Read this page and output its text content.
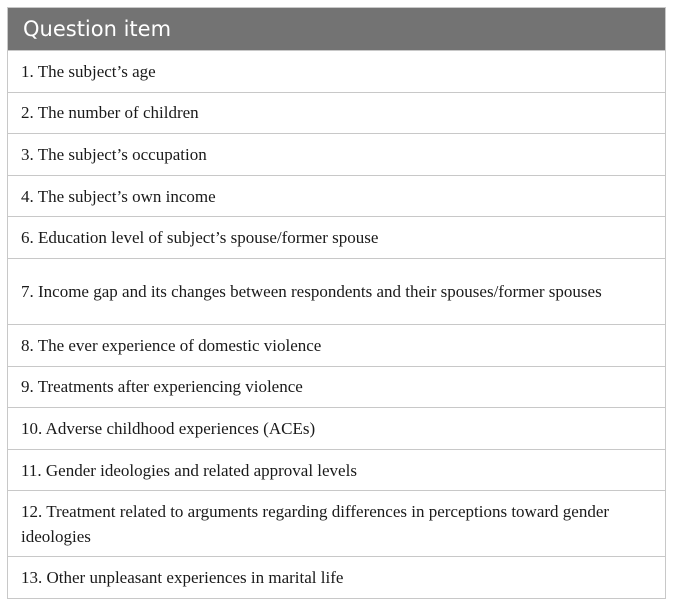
Question item
1. The subject’s age
2. The number of children
3. The subject’s occupation
4. The subject’s own income
6. Education level of subject’s spouse/former spouse
7. Income gap and its changes between respondents and their spouses/former spouses
8. The ever experience of domestic violence
9. Treatments after experiencing violence
10. Adverse childhood experiences (ACEs)
11. Gender ideologies and related approval levels
12. Treatment related to arguments regarding differences in perceptions toward gender ideologies
13. Other unpleasant experiences in marital life
